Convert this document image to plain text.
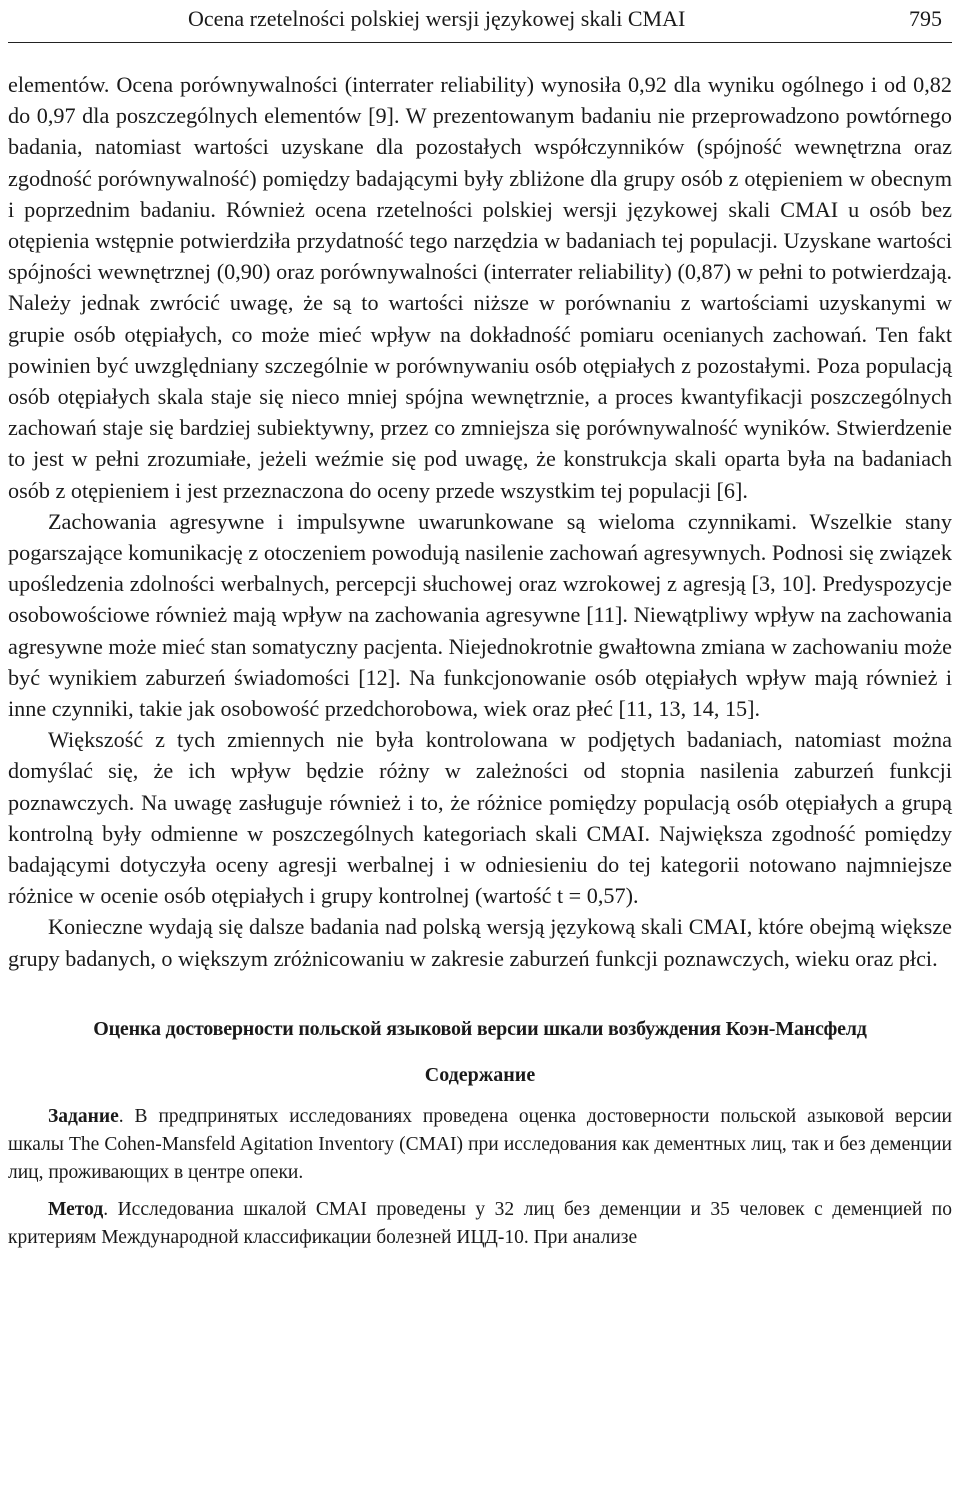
Ocena rzetelności polskiej wersji językowej skali CMAI	795

elementów. Ocena porównywalności (interrater reliability) wynosiła 0,92 dla wyniku ogólnego i od 0,82 do 0,97 dla poszczególnych elementów [9]. W prezentowanym badaniu nie przeprowadzono powtórnego badania, natomiast wartości uzyskane dla pozostałych współczynników (spójność wewnętrzna oraz zgodność porównywalność) pomiędzy badającymi były zbliżone dla grupy osób z otępieniem w obecnym i poprzednim badaniu. Również ocena rzetelności polskiej wersji językowej skali CMAI u osób bez otępienia wstępnie potwierdziła przydatność tego narzędzia w badaniach tej populacji. Uzyskane wartości spójności wewnętrznej (0,90) oraz porównywalności (interrater reliability) (0,87) w pełni to potwierdzają. Należy jednak zwrócić uwagę, że są to wartości niższe w porównaniu z wartościami uzyskanymi w grupie osób otępiałych, co może mieć wpływ na dokładność pomiaru ocenianych zachowań. Ten fakt powinien być uwzględniany szczególnie w porównywaniu osób otępiałych z pozostałymi. Poza populacją osób otępiałych skala staje się nieco mniej spójna wewnętrznie, a proces kwantyfikacji poszczególnych zachowań staje się bardziej subiektywny, przez co zmniejsza się porównywalność wyników. Stwierdzenie to jest w pełni zrozumiałe, jeżeli weźmie się pod uwagę, że konstrukcja skali oparta była na badaniach osób z otępieniem i jest przeznaczona do oceny przede wszystkim tej populacji [6].

Zachowania agresywne i impulsywne uwarunkowane są wieloma czynnikami. Wszelkie stany pogarszające komunikację z otoczeniem powodują nasilenie zachowań agresywnych. Podnosi się związek upośledzenia zdolności werbalnych, percepcji słuchowej oraz wzrokowej z agresją [3, 10]. Predyspozycje osobowościowe również mają wpływ na zachowania agresywne [11]. Niewątpliwy wpływ na zachowania agresywne może mieć stan somatyczny pacjenta. Niejednokrotnie gwałtowna zmiana w zachowaniu może być wynikiem zaburzeń świadomości [12]. Na funkcjonowanie osób otępiałych wpływ mają również i inne czynniki, takie jak osobowość przedchorobowa, wiek oraz płeć [11, 13, 14, 15].

Większość z tych zmiennych nie była kontrolowana w podjętych badaniach, natomiast można domyślać się, że ich wpływ będzie różny w zależności od stopnia nasilenia zaburzeń funkcji poznawczych. Na uwagę zasługuje również i to, że różnice pomiędzy populacją osób otępiałych a grupą kontrolną były odmienne w poszczególnych kategoriach skali CMAI. Największa zgodność pomiędzy badającymi dotyczyła oceny agresji werbalnej i w odniesieniu do tej kategorii notowano najmniejsze różnice w ocenie osób otępiałych i grupy kontrolnej (wartość t = 0,57).

Konieczne wydają się dalsze badania nad polską wersją językową skali CMAI, które obejmą większe grupy badanych, o większym zróżnicowaniu w zakresie zaburzeń funkcji poznawczych, wieku oraz płci.

Оценка достоверности польской языковой версии шкали возбуждения Коэн-Мансфелд
Содержание

Задание. В предпринятых исследованиях проведена оценка достоверности польской азыковой версии шкалы The Cohen-Mansfeld Agitation Inventory (CMAI) при исследования как дементных лиц, так и без деменции лиц, проживающих в центре опеки.

Метод. Исследованиа шкалой CMAI проведены у 32 лиц без деменции и 35 человек с деменцией по критериям Международной классификации болезней ИЦД-10. При анализе
